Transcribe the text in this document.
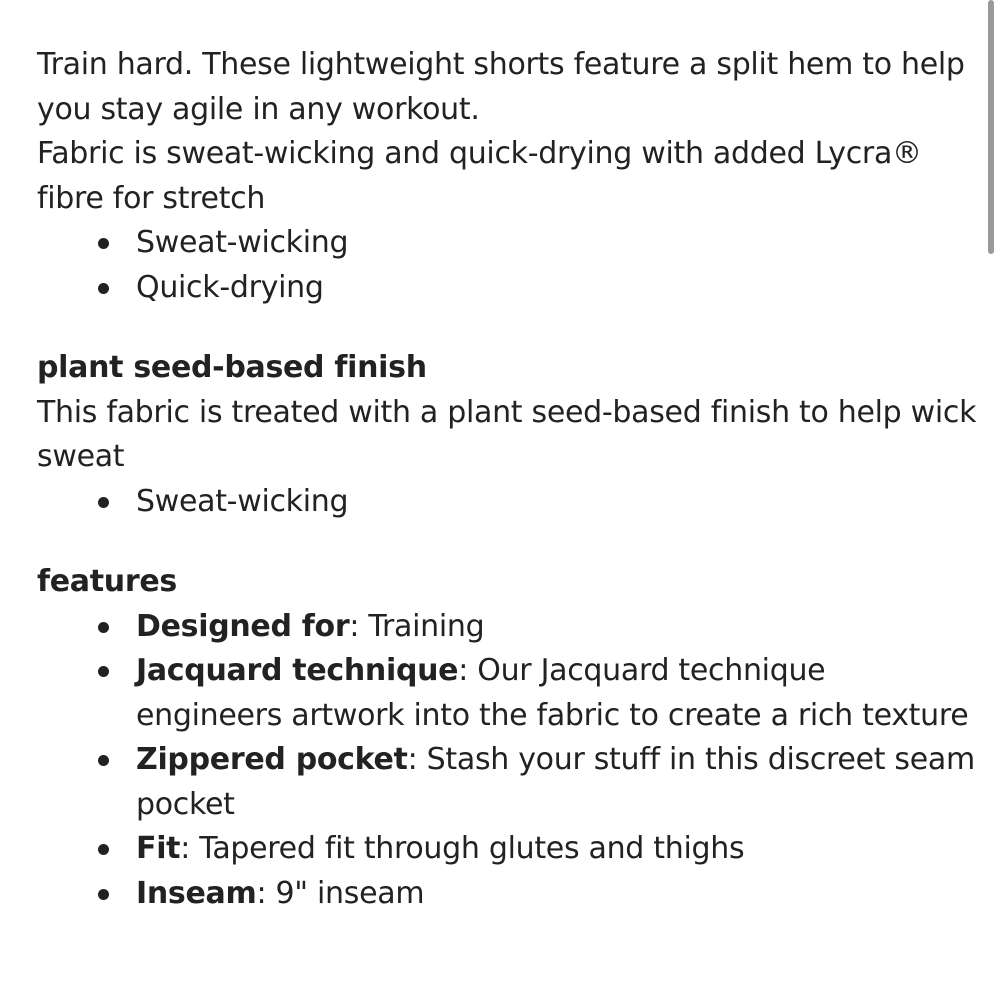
Train hard. These lightweight shorts feature a split hem to help you stay agile in any workout.

Fabric is sweat-wicking and quick-drying with added Lycra® fibre for stretch

Sweat-wicking
Quick-drying
plant seed-based finish

This fabric is treated with a plant seed-based finish to help wick sweat

Sweat-wicking
features
Designed for: Training
Jacquard technique: Our Jacquard technique engineers artwork into the fabric to create a rich texture
Zippered pocket: Stash your stuff in this discreet seam pocket
Fit: Tapered fit through glutes and thighs
Inseam: 9" inseam
